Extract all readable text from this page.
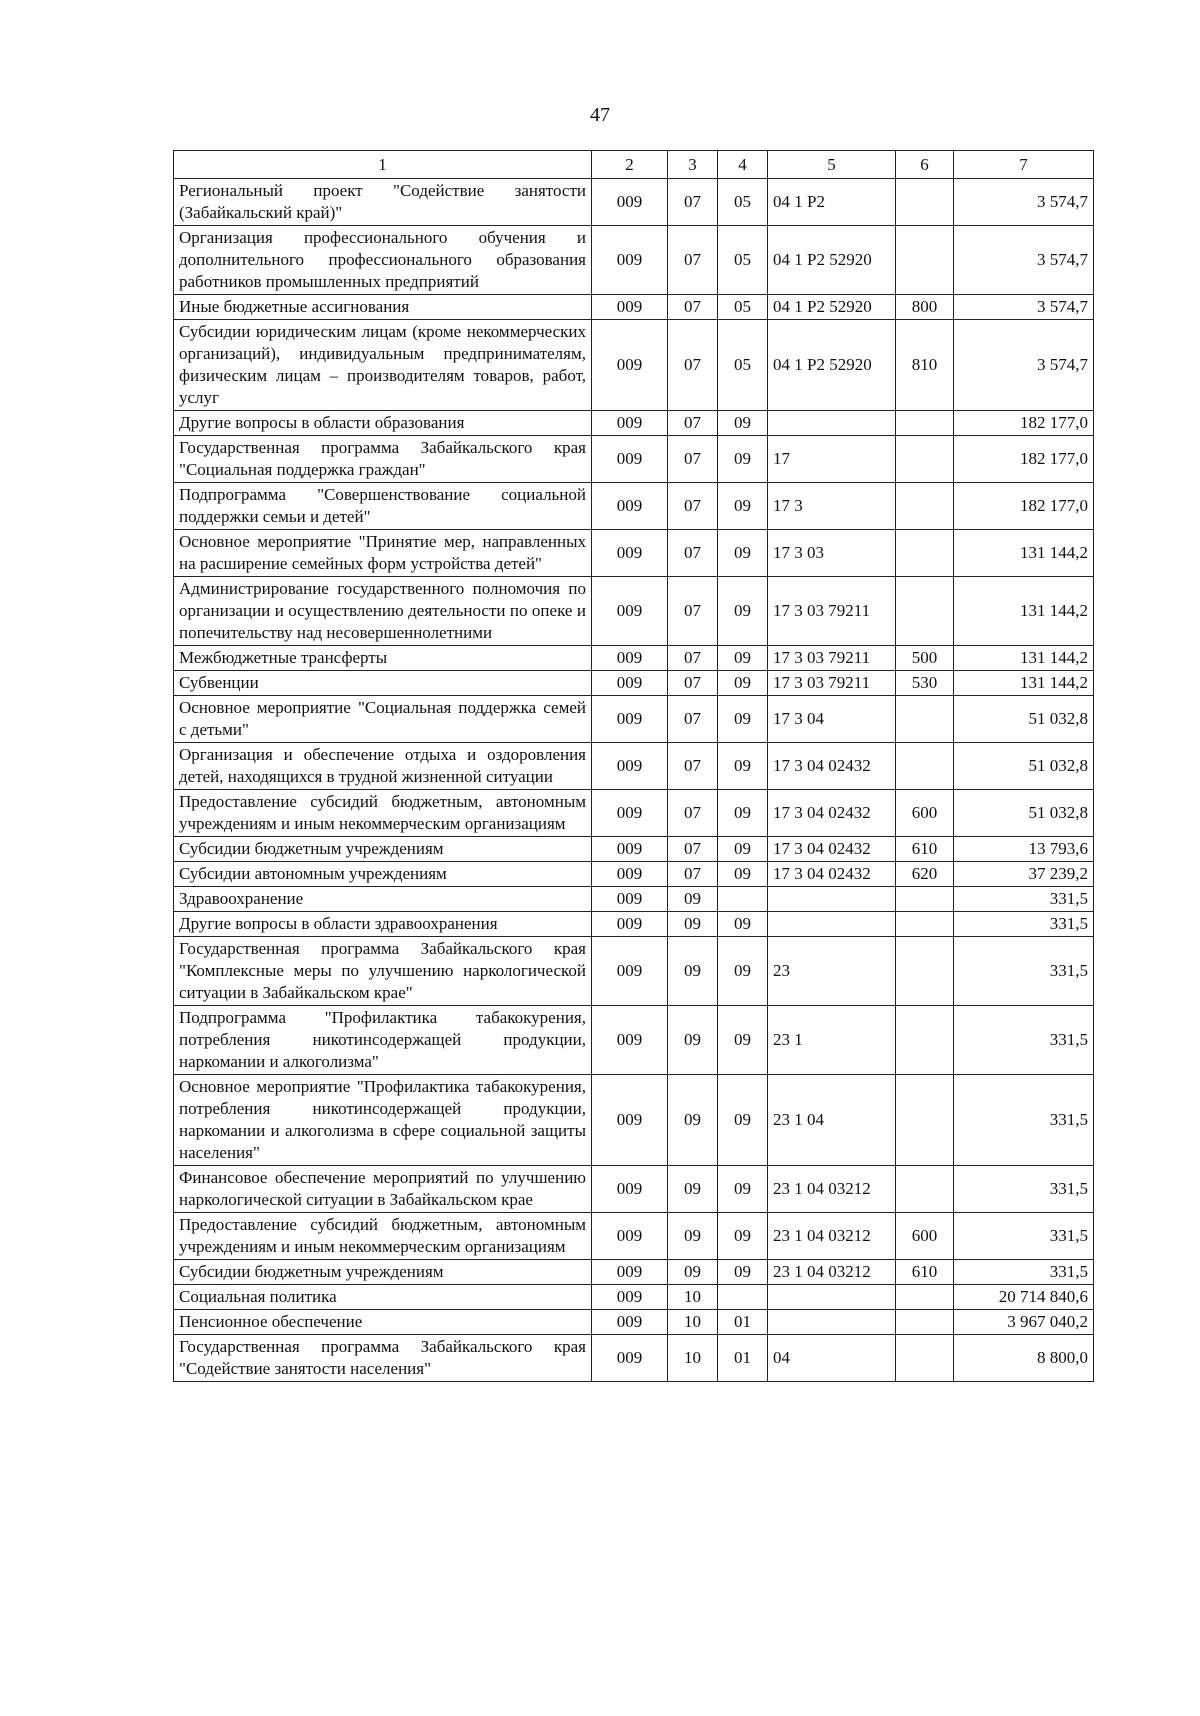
47
1	2	3	4	5	6	7
Региональный проект "Содействие занятости (Забайкальский край)"	009	07	05	04 1 P2		3 574,7
Организация профессионального обучения и дополнительного профессионального образования работников промышленных предприятий	009	07	05	04 1 P2 52920		3 574,7
Иные бюджетные ассигнования	009	07	05	04 1 P2 52920	800	3 574,7
Субсидии юридическим лицам (кроме некоммерческих организаций), индивидуальным предпринимателям, физическим лицам – производителям товаров, работ, услуг	009	07	05	04 1 P2 52920	810	3 574,7
Другие вопросы в области образования	009	07	09			182 177,0
Государственная программа Забайкальского края "Социальная поддержка граждан"	009	07	09	17		182 177,0
Подпрограмма "Совершенствование социальной поддержки семьи и детей"	009	07	09	17 3		182 177,0
Основное мероприятие "Принятие мер, направленных на расширение семейных форм устройства детей"	009	07	09	17 3 03		131 144,2
Администрирование государственного полномочия по организации и осуществлению деятельности по опеке и попечительству над несовершеннолетними	009	07	09	17 3 03 79211		131 144,2
Межбюджетные трансферты	009	07	09	17 3 03 79211	500	131 144,2
Субвенции	009	07	09	17 3 03 79211	530	131 144,2
Основное мероприятие "Социальная поддержка семей с детьми"	009	07	09	17 3 04		51 032,8
Организация и обеспечение отдыха и оздоровления детей, находящихся в трудной жизненной ситуации	009	07	09	17 3 04 02432		51 032,8
Предоставление субсидий бюджетным, автономным учреждениям и иным некоммерческим организациям	009	07	09	17 3 04 02432	600	51 032,8
Субсидии бюджетным учреждениям	009	07	09	17 3 04 02432	610	13 793,6
Субсидии автономным учреждениям	009	07	09	17 3 04 02432	620	37 239,2
Здравоохранение	009	09				331,5
Другие вопросы в области здравоохранения	009	09	09			331,5
Государственная программа Забайкальского края "Комплексные меры по улучшению наркологической ситуации в Забайкальском крае"	009	09	09	23		331,5
Подпрограмма "Профилактика табакокурения, потребления никотинсодержащей продукции, наркомании и алкоголизма"	009	09	09	23 1		331,5
Основное мероприятие "Профилактика табакокурения, потребления никотинсодержащей продукции, наркомании и алкоголизма в сфере социальной защиты населения"	009	09	09	23 1 04		331,5
Финансовое обеспечение мероприятий по улучшению наркологической ситуации в Забайкальском крае	009	09	09	23 1 04 03212		331,5
Предоставление субсидий бюджетным, автономным учреждениям и иным некоммерческим организациям	009	09	09	23 1 04 03212	600	331,5
Субсидии бюджетным учреждениям	009	09	09	23 1 04 03212	610	331,5
Социальная политика	009	10				20 714 840,6
Пенсионное обеспечение	009	10	01			3 967 040,2
Государственная программа Забайкальского края "Содействие занятости населения"	009	10	01	04		8 800,0
